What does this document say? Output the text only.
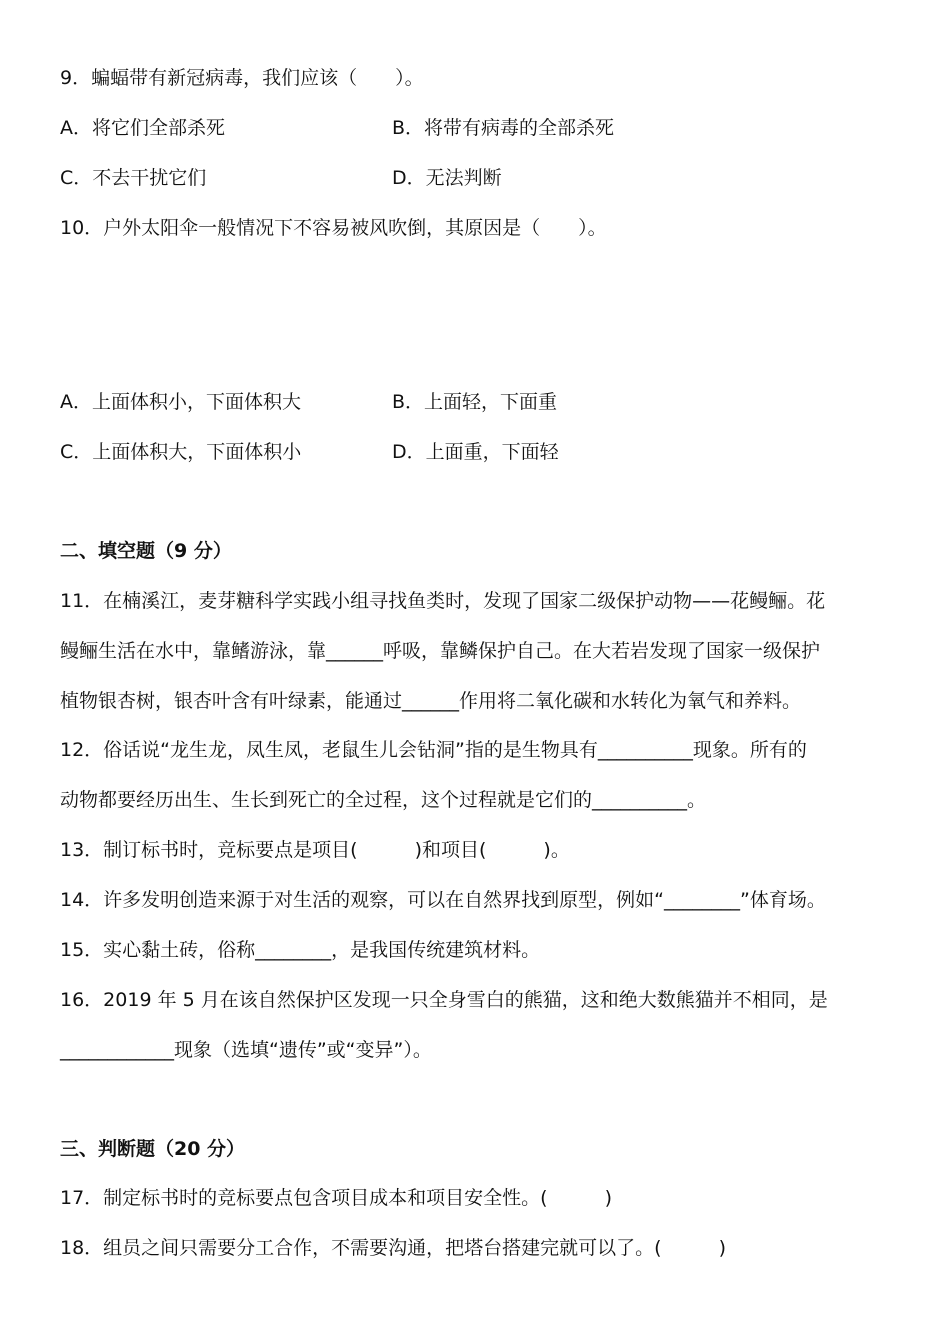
9．蝙蝠带有新冠病毒，我们应该（　　）。
A．将它们全部杀死	B．将带有病毒的全部杀死
C．不去干扰它们	D．无法判断
10．户外太阳伞一般情况下不容易被风吹倒，其原因是（　　）。
A．上面体积小，下面体积大	B．上面轻，下面重
C．上面体积大，下面体积小	D．上面重，下面轻
二、填空题（9 分）
11．在楠溪江，麦芽糖科学实践小组寻找鱼类时，发现了国家二级保护动物——花鳗鲡。花
鳗鲡生活在水中，靠鳍游泳，靠______呼吸，靠鳞保护自己。在大若岩发现了国家一级保护
植物银杏树，银杏叶含有叶绿素，能通过______作用将二氧化碳和水转化为氧气和养料。
12．俗话说“龙生龙，凤生凤，老鼠生儿会钻洞”指的是生物具有__________现象。所有的
动物都要经历出生、生长到死亡的全过程，这个过程就是它们的__________。
13．制订标书时，竞标要点是项目(　　　)和项目(　　　)。
14．许多发明创造来源于对生活的观察，可以在自然界找到原型，例如“________”体育场。
15．实心黏土砖，俗称________，是我国传统建筑材料。
16．2019 年 5 月在该自然保护区发现一只全身雪白的熊猫，这和绝大数熊猫并不相同，是
____________现象（选填“遗传”或“变异”）。
三、判断题（20 分）
17．制定标书时的竞标要点包含项目成本和项目安全性。(　　　)
18．组员之间只需要分工合作，不需要沟通，把塔台搭建完就可以了。(　　　)
